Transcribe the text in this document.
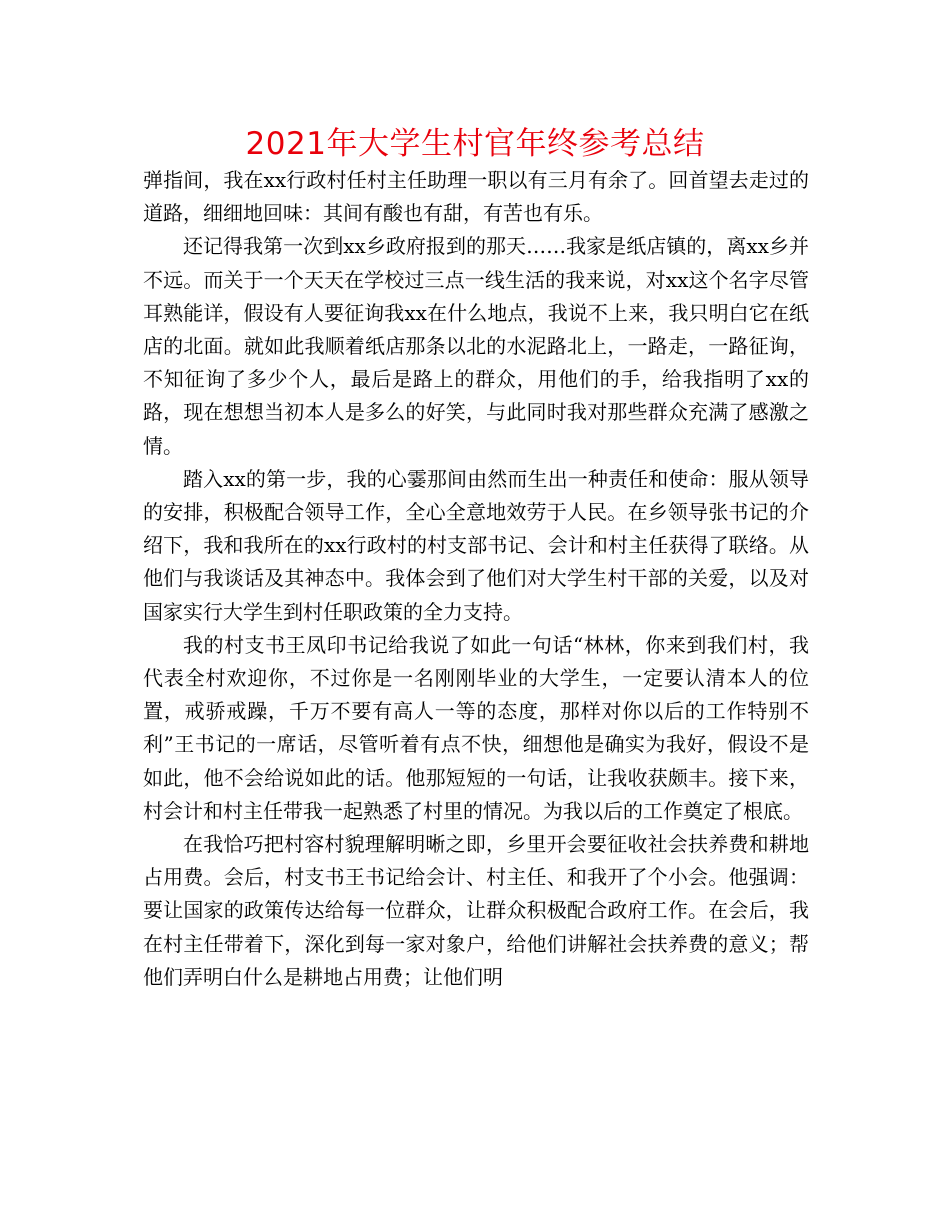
2021年大学生村官年终参考总结

弹指间，我在xx行政村任村主任助理一职以有三月有余了。回首望去走过的道路，细细地回味：其间有酸也有甜，有苦也有乐。

还记得我第一次到xx乡政府报到的那天……我家是纸店镇的，离xx乡并不远。而关于一个天天在学校过三点一线生活的我来说，对xx这个名字尽管耳熟能详，假设有人要征询我xx在什么地点，我说不上来，我只明白它在纸店的北面。就如此我顺着纸店那条以北的水泥路北上，一路走，一路征询，不知征询了多少个人，最后是路上的群众，用他们的手，给我指明了xx的路，现在想想当初本人是多么的好笑，与此同时我对那些群众充满了感激之情。

踏入xx的第一步，我的心霎那间由然而生出一种责任和使命：服从领导的安排，积极配合领导工作，全心全意地效劳于人民。在乡领导张书记的介绍下，我和我所在的xx行政村的村支部书记、会计和村主任获得了联络。从他们与我谈话及其神态中。我体会到了他们对大学生村干部的关爱，以及对国家实行大学生到村任职政策的全力支持。

我的村支书王凤印书记给我说了如此一句话“林林，你来到我们村，我代表全村欢迎你，不过你是一名刚刚毕业的大学生，一定要认清本人的位置，戒骄戒躁，千万不要有高人一等的态度，那样对你以后的工作特别不利”王书记的一席话，尽管听着有点不快，细想他是确实为我好，假设不是如此，他不会给说如此的话。他那短短的一句话，让我收获颇丰。接下来，村会计和村主任带我一起熟悉了村里的情况。为我以后的工作奠定了根底。

在我恰巧把村容村貌理解明晰之即，乡里开会要征收社会扶养费和耕地占用费。会后，村支书王书记给会计、村主任、和我开了个小会。他强调：要让国家的政策传达给每一位群众，让群众积极配合政府工作。在会后，我在村主任带着下，深化到每一家对象户，给他们讲解社会扶养费的意义；帮他们弄明白什么是耕地占用费；让他们明
